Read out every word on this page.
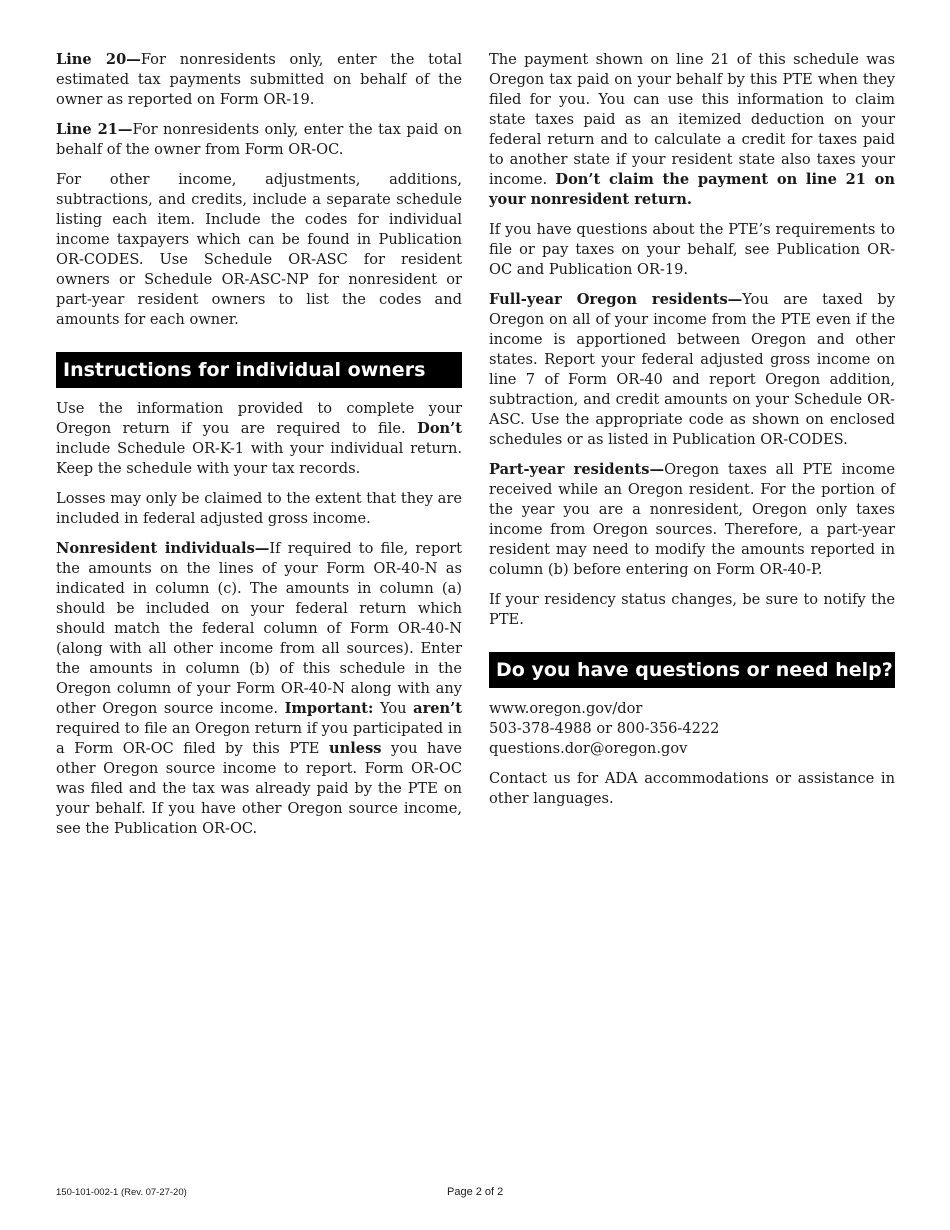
Line 20—For nonresidents only, enter the total estimated tax payments submitted on behalf of the owner as reported on Form OR-19.

Line 21—For nonresidents only, enter the tax paid on behalf of the owner from Form OR-OC.

For other income, adjustments, additions, subtractions, and credits, include a separate schedule listing each item. Include the codes for individual income taxpayers which can be found in Publication OR-CODES. Use Schedule OR-ASC for resident owners or Schedule OR-ASC-NP for nonresident or part-year resident owners to list the codes and amounts for each owner.

Instructions for individual owners

Use the information provided to complete your Oregon return if you are required to file. Don’t include Schedule OR-K-1 with your individual return. Keep the schedule with your tax records.

Losses may only be claimed to the extent that they are included in federal adjusted gross income.

Nonresident individuals—If required to file, report the amounts on the lines of your Form OR-40-N as indicated in column (c). The amounts in column (a) should be included on your federal return which should match the federal column of Form OR-40-N (along with all other income from all sources). Enter the amounts in column (b) of this schedule in the Oregon column of your Form OR-40-N along with any other Oregon source income. Important: You aren’t required to file an Oregon return if you participated in a Form OR-OC filed by this PTE unless you have other Oregon source income to report. Form OR-OC was filed and the tax was already paid by the PTE on your behalf. If you have other Oregon source income, see the Publication OR-OC.

The payment shown on line 21 of this schedule was Oregon tax paid on your behalf by this PTE when they filed for you. You can use this information to claim state taxes paid as an itemized deduction on your federal return and to calculate a credit for taxes paid to another state if your resident state also taxes your income. Don’t claim the payment on line 21 on your nonresident return.

If you have questions about the PTE’s requirements to file or pay taxes on your behalf, see Publication OR-OC and Publication OR-19.

Full-year Oregon residents—You are taxed by Oregon on all of your income from the PTE even if the income is apportioned between Oregon and other states. Report your federal adjusted gross income on line 7 of Form OR-40 and report Oregon addition, subtraction, and credit amounts on your Schedule OR-ASC. Use the appropriate code as shown on enclosed schedules or as listed in Publication OR-CODES.

Part-year residents—Oregon taxes all PTE income received while an Oregon resident. For the portion of the year you are a nonresident, Oregon only taxes income from Oregon sources. Therefore, a part-year resident may need to modify the amounts reported in column (b) before entering on Form OR-40-P.

If your residency status changes, be sure to notify the PTE.

Do you have questions or need help?
www.oregon.gov/dor
503-378-4988 or 800-356-4222
questions.dor@oregon.gov

Contact us for ADA accommodations or assistance in other languages.

150-101-002-1 (Rev. 07-27-20)	Page 2 of 2
